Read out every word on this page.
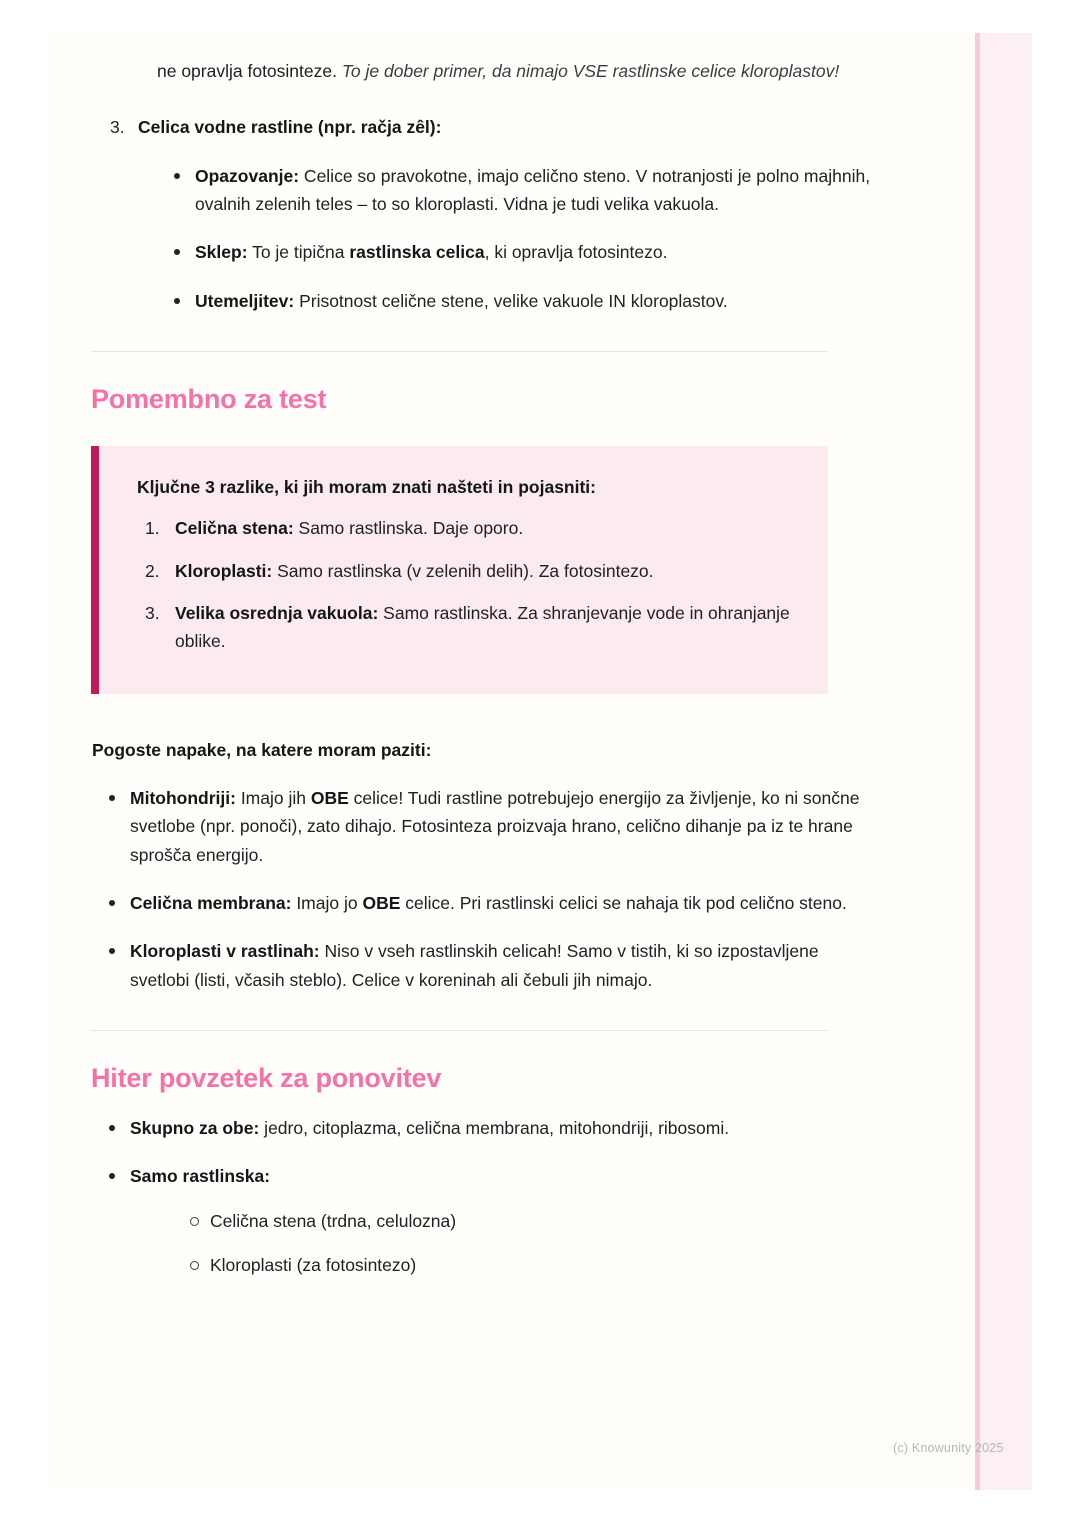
ne opravlja fotosinteze. To je dober primer, da nimajo VSE rastlinske celice kloroplastov!

3. Celica vodne rastline (npr. račja zêl):
Opazovanje: Celice so pravokotne, imajo celično steno. V notranjosti je polno majhnih, ovalnih zelenih teles – to so kloroplasti. Vidna je tudi velika vakuola.
Sklep: To je tipična rastlinska celica, ki opravlja fotosintezo.
Utemeljitev: Prisotnost celične stene, velike vakuole IN kloroplastov.
Pomembno za test

Ključne 3 razlike, ki jih moram znati našteti in pojasniti:

1. Celična stena: Samo rastlinska. Daje oporo.
2. Kloroplasti: Samo rastlinska (v zelenih delih). Za fotosintezo.
3. Velika osrednja vakuola: Samo rastlinska. Za shranjevanje vode in ohranjanje oblike.

Pogoste napake, na katere moram paziti:

Mitohondriji: Imajo jih OBE celice! Tudi rastline potrebujejo energijo za življenje, ko ni sončne svetlobe (npr. ponoči), zato dihajo. Fotosinteza proizvaja hrano, celično dihanje pa iz te hrane sprošča energijo.
Celična membrana: Imajo jo OBE celice. Pri rastlinski celici se nahaja tik pod celično steno.
Kloroplasti v rastlinah: Niso v vseh rastlinskih celicah! Samo v tistih, ki so izpostavljene svetlobi (listi, včasih steblo). Celice v koreninah ali čebuli jih nimajo.
Hiter povzetek za ponovitev
Skupno za obe: jedro, citoplazma, celična membrana, mitohondriji, ribosomi.
Samo rastlinska:
Celična stena (trdna, celulozna)
Kloroplasti (za fotosintezo)
(c) Knowunity 2025
